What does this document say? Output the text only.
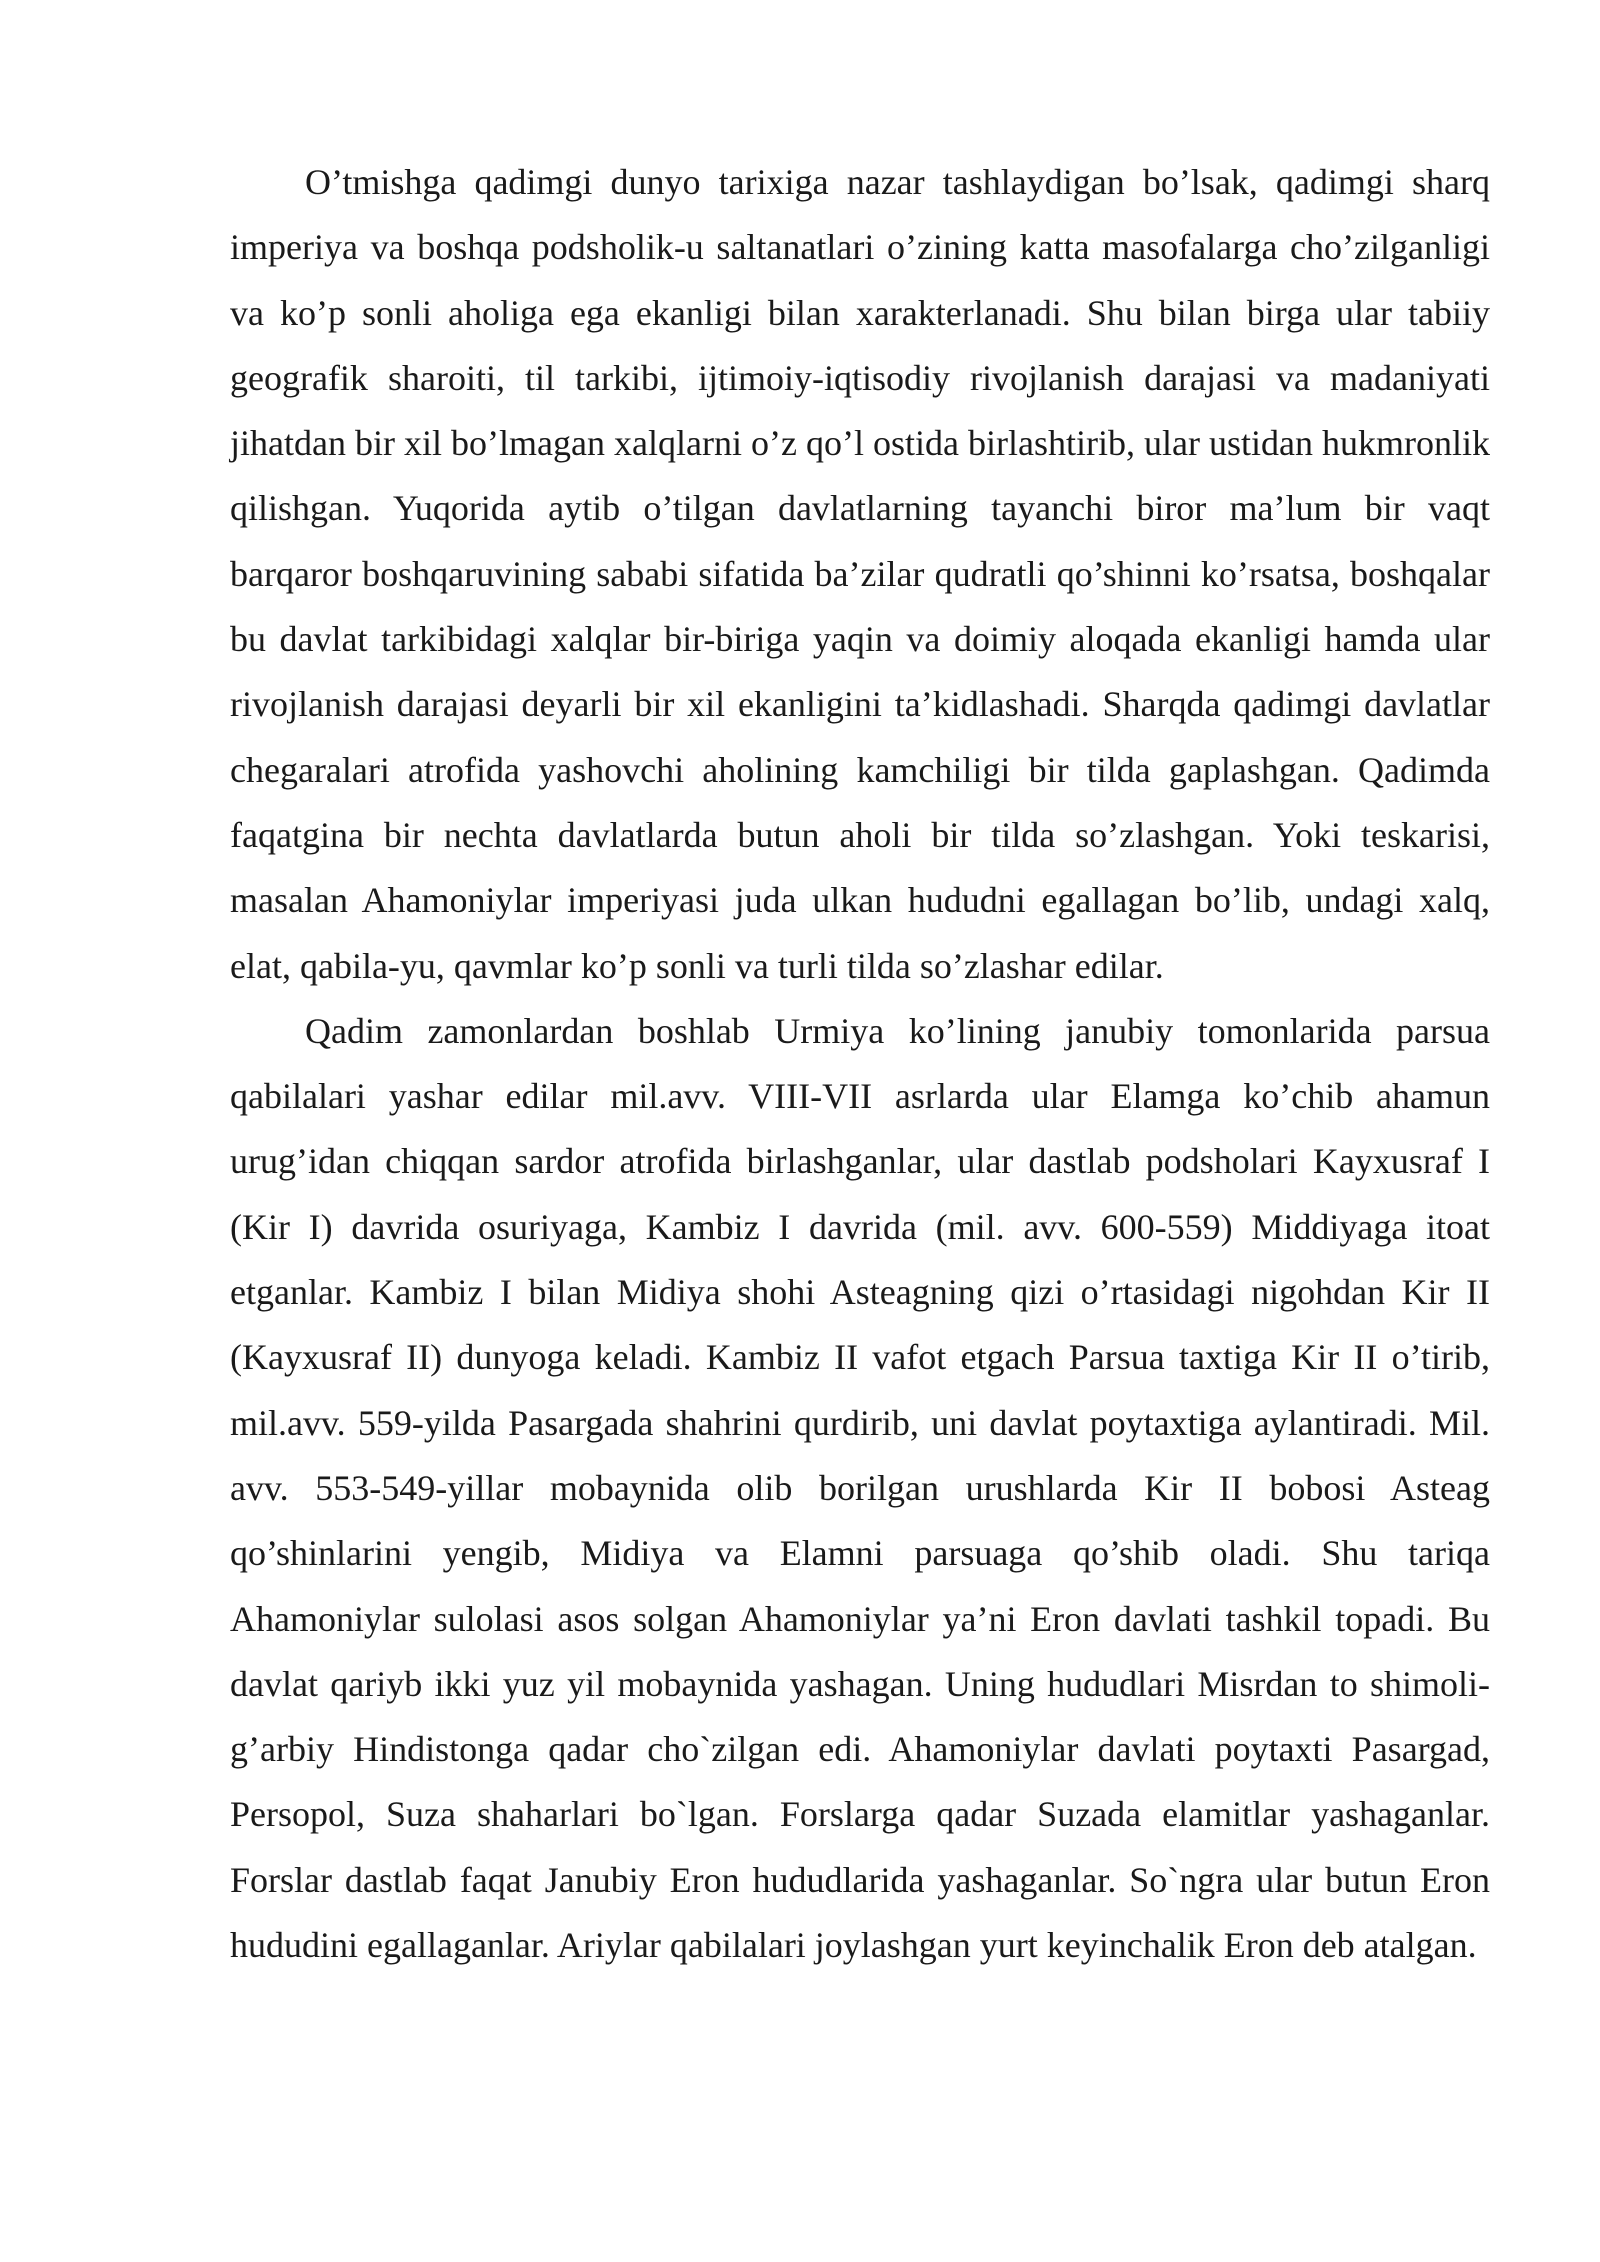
O’tmishga qadimgi dunyo tarixiga nazar tashlaydigan bo’lsak, qadimgi sharq imperiya va boshqa podsholik-u saltanatlari o’zining katta masofalarga cho’zilganligi va ko’p sonli aholiga ega ekanligi bilan xarakterlanadi. Shu bilan birga ular tabiiy geografik sharoiti, til tarkibi, ijtimoiy-iqtisodiy rivojlanish darajasi va madaniyati jihatdan bir xil bo’lmagan xalqlarni o’z qo’l ostida birlashtirib, ular ustidan hukmronlik qilishgan. Yuqorida aytib o’tilgan davlatlarning tayanchi biror ma’lum bir vaqt barqaror boshqaruvining sababi sifatida ba’zilar qudratli qo’shinni ko’rsatsa, boshqalar bu davlat tarkibidagi xalqlar bir-biriga yaqin va doimiy aloqada ekanligi hamda ular rivojlanish darajasi deyarli bir xil ekanligini ta’kidlashadi. Sharqda qadimgi davlatlar chegaralari atrofida yashovchi aholining kamchiligi bir tilda gaplashgan. Qadimda faqatgina bir nechta davlatlarda butun aholi bir tilda so’zlashgan. Yoki teskarisi, masalan Ahamoniylar imperiyasi juda ulkan hududni egallagan bo’lib, undagi xalq, elat, qabila-yu, qavmlar ko’p sonli va turli tilda so’zlashar edilar.

Qadim zamonlardan boshlab Urmiya ko’lining janubiy tomonlarida parsua qabilalari yashar edilar mil.avv. VIII-VII asrlarda ular Elamga ko’chib ahamun urug’idan chiqqan sardor atrofida birlashganlar, ular dastlab podsholari Kayxusraf I (Kir I) davrida osuriyaga, Kambiz I davrida (mil. avv. 600-559) Middiyaga itoat etganlar. Kambiz I bilan Midiya shohi Asteagning qizi o’rtasidagi nigohdan Kir II (Kayxusraf II) dunyoga keladi. Kambiz II vafot etgach Parsua taxtiga Kir II o’tirib, mil.avv. 559-yilda Pasargada shahrini qurdirib, uni davlat poytaxtiga aylantiradi. Mil. avv. 553-549-yillar mobaynida olib borilgan urushlarda Kir II bobosi Asteag qo’shinlarini yengib, Midiya va Elamni parsuaga qo’shib oladi. Shu tariqa Ahamoniylar sulolasi asos solgan Ahamoniylar ya’ni Eron davlati tashkil topadi. Bu davlat qariyb ikki yuz yil mobaynida yashagan. Uning hududlari Misrdan to shimoli-g’arbiy Hindistonga qadar cho`zilgan edi. Ahamoniylar davlati poytaxti Pasargad, Persopol, Suza shaharlari bo`lgan. Forslarga qadar Suzada elamitlar yashaganlar. Forslar dastlab faqat Janubiy Eron hududlarida yashaganlar. So`ngra ular butun Eron hududini egallaganlar. Ariylar qabilalari joylashgan yurt keyinchalik Eron deb atalgan.
